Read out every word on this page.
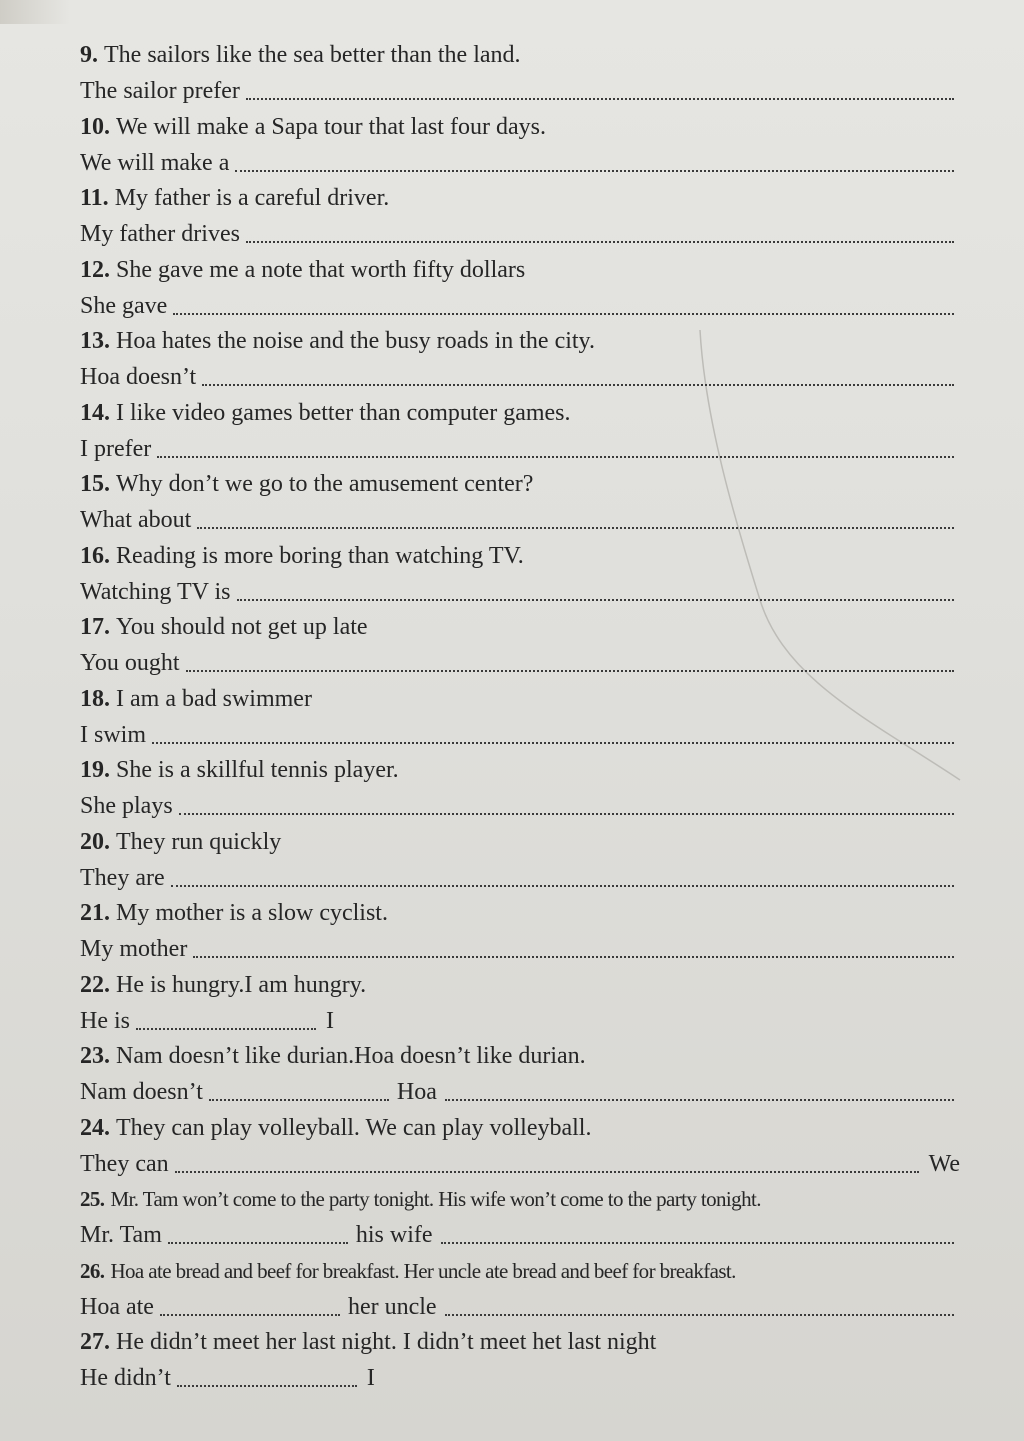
9. The sailors like the sea better than the land.
The sailor prefer
10. We will make a Sapa tour that last four days.
We will make a
11. My father is a careful driver.
My father drives
12. She gave me a note that worth fifty dollars
She gave
13. Hoa hates the noise and the busy roads in the city.
Hoa doesn’t
14. I like video games better than computer games.
I prefer
15. Why don’t we go to the amusement center?
What about
16. Reading is more boring than watching TV.
Watching TV is
17. You should not get up late
You ought
18. I am a bad swimmer
I swim
19. She is a skillful tennis player.
She plays
20. They run quickly
They are
21. My mother is a slow cyclist.
My mother
22. He is hungry.I am hungry.
He is	I
23. Nam doesn’t like durian.Hoa doesn’t like durian.
Nam doesn’t	Hoa
24. They can play volleyball. We can play volleyball.
They can	We
25. Mr. Tam won’t come to the party tonight. His wife won’t come to the party tonight.
Mr. Tam	his wife
26. Hoa ate bread and beef for breakfast. Her uncle ate bread and beef for breakfast.
Hoa ate	her uncle
27. He didn’t meet her last night. I didn’t meet het last night
He didn’t	I
